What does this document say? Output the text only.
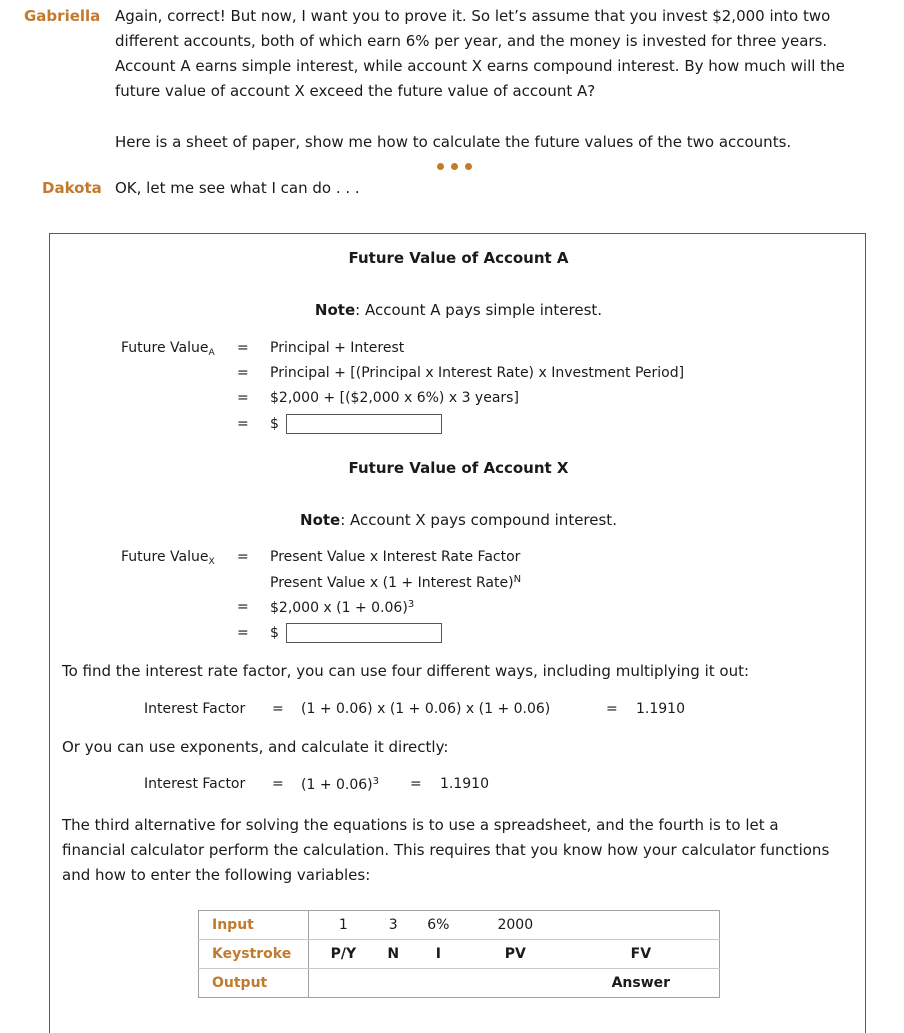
Gabriella Again, correct! But now, I want you to prove it. So let’s assume that you invest $2,000 into two
different accounts, both of which earn 6% per year, and the money is invested for three years.
Account A earns simple interest, while account X earns compound interest. By how much will the
future value of account X exceed the future value of account A?
Here is a sheet of paper, show me how to calculate the future values of the two accounts.
Dakota OK, let me see what I can do . . .
Future Value of Account A
Note: Account A pays simple interest.
Future Value$_A$ = Principal + Interest
= Principal + [(Principal x Interest Rate) x Investment Period]
= $2,000 + [($2,000 x 6%) x 3 years]
= $
Future Value of Account X
Note: Account X pays compound interest.
Future Value$_X$ = Present Value x Interest Rate Factor
Present Value x (1 + Interest Rate)$^N$
= $2,000 x $(1 + 0.06)^3$
= $
To find the interest rate factor, you can use four different ways, including multiplying it out:
Interest Factor = (1 + 0.06) x (1 + 0.06) x (1 + 0.06)	= 1.1910
Or you can use exponents, and calculate it directly:
Interest Factor = $(1 + 0.06)^3 = 1.1910$
The third alternative for solving the equations is to use a spreadsheet, and the fourth is to let a
financial calculator perform the calculation. This requires that you know how your calculator functions
and how to enter the following variables:
Input	1	3	6%	2000	
Keystroke	P/Y	N	I	PV	FV
Output					Answer
